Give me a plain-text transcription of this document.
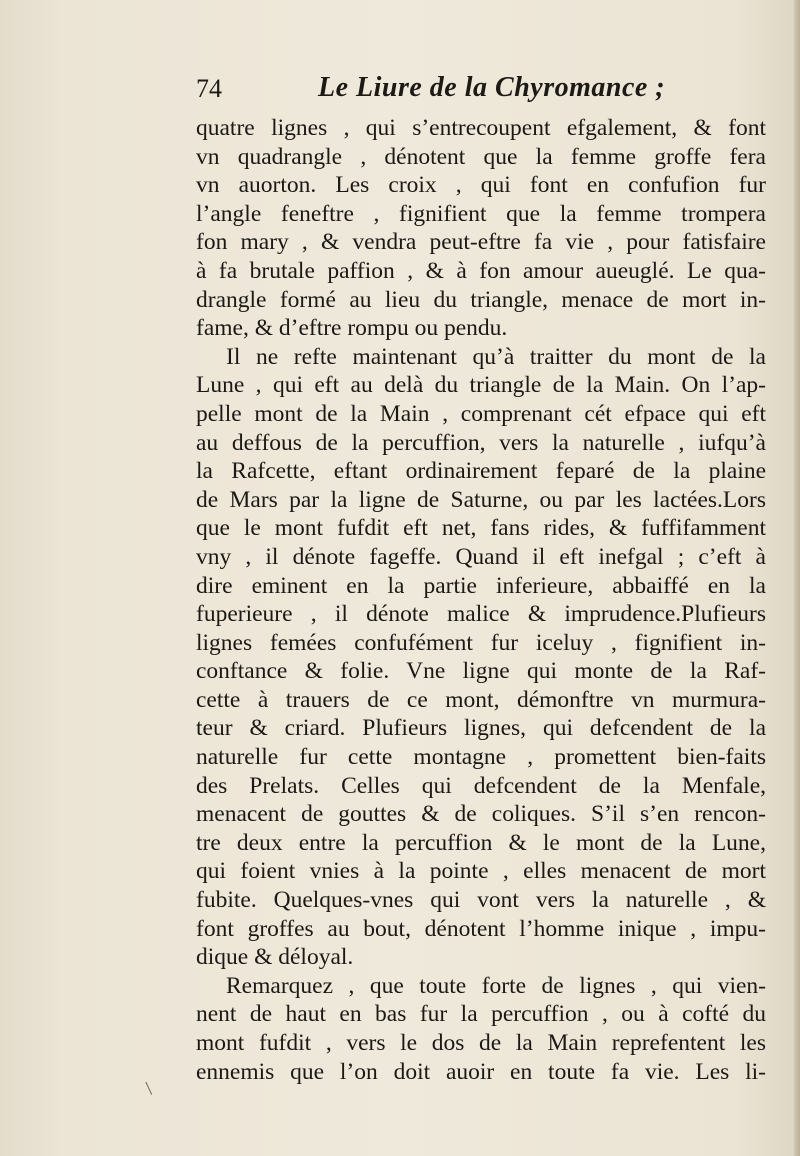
74	Le Liure de la Chyromance ;
quatre lignes , qui s’entrecoupent efgalement, & font
vn quadrangle , dénotent que la femme groffe fera
vn auorton. Les croix , qui font en confufion fur
l’angle feneftre , fignifient que la femme trompera
fon mary , & vendra peut-eftre fa vie , pour fatisfaire
à fa brutale paffion , & à fon amour aueuglé. Le qua-
drangle formé au lieu du triangle, menace de mort in-
fame, & d’eftre rompu ou pendu.
Il ne refte maintenant qu’à traitter du mont de la
Lune , qui eft au delà du triangle de la Main. On l’ap-
pelle mont de la Main , comprenant cét efpace qui eft
au deffous de la percuffion, vers la naturelle , iufqu’à
la Rafcette, eftant ordinairement feparé de la plaine
de Mars par la ligne de Saturne, ou par les lactées.Lors
que le mont fufdit eft net, fans rides, & fuffifamment
vny , il dénote fageffe. Quand il eft inefgal ; c’eft à
dire eminent en la partie inferieure, abbaiffé en la
fuperieure , il dénote malice & imprudence.Plufieurs
lignes femées confufément fur iceluy , fignifient in-
conftance & folie. Vne ligne qui monte de la Raf-
cette à trauers de ce mont, démonftre vn murmura-
teur & criard. Plufieurs lignes, qui defcendent de la
naturelle fur cette montagne , promettent bien-faits
des Prelats. Celles qui defcendent de la Menfale,
menacent de gouttes & de coliques. S’il s’en rencon-
tre deux entre la percuffion & le mont de la Lune,
qui foient vnies à la pointe , elles menacent de mort
fubite. Quelques-vnes qui vont vers la naturelle , &
font groffes au bout, dénotent l’homme inique , impu-
dique & déloyal.
Remarquez , que toute forte de lignes , qui vien-
nent de haut en bas fur la percuffion , ou à cofté du
mont fufdit , vers le dos de la Main reprefentent les
ennemis que l’on doit auoir en toute fa vie. Les li-
